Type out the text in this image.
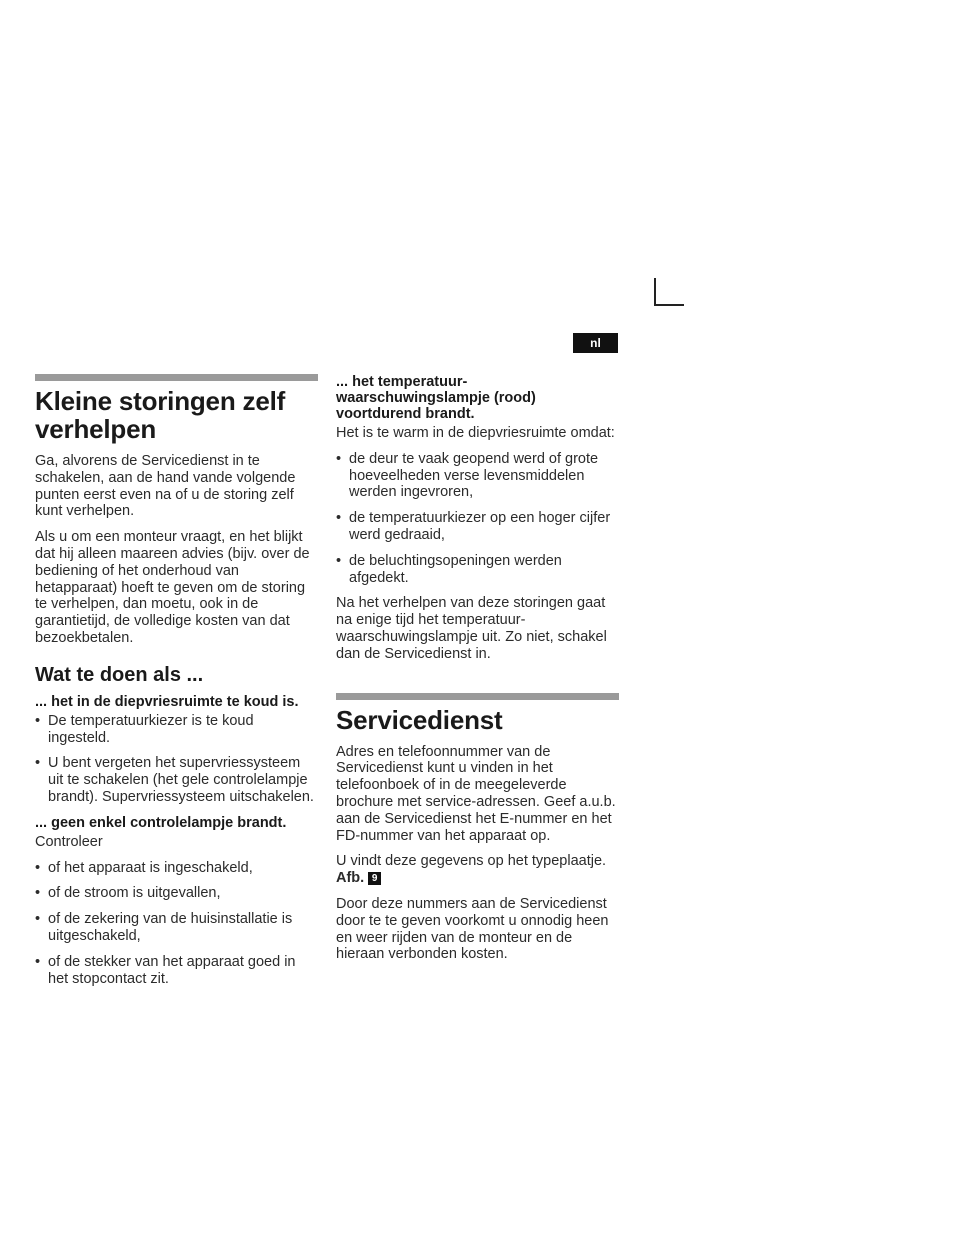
nl
Kleine storingen zelf verhelpen

Ga, alvorens de Servicedienst in te schakelen, aan de hand vande volgende punten eerst even na of u de storing zelf kunt verhelpen.

Als u om een monteur vraagt, en het blijkt dat hij alleen maareen advies (bijv. over de bediening of het onderhoud van hetapparaat) hoeft te geven om de storing te verhelpen, dan moetu, ook in de garantietijd, de volledige kosten van dat bezoekbetalen.

Wat te doen als ...
... het in de diepvriesruimte te koud is.
• De temperatuurkiezer is te koud ingesteld.
• U bent vergeten het supervriessysteem uit te schakelen (het gele controlelampje brandt). Supervriessysteem uitschakelen.
... geen enkel controlelampje brandt.

Controleer

• of het apparaat is ingeschakeld,
• of de stroom is uitgevallen,
• of de zekering van de huisinstallatie is uitgeschakeld,
• of de stekker van het apparaat goed in het stopcontact zit.
... het temperatuur-waarschuwingslampje (rood) voortdurend brandt.

Het is te warm in de diepvriesruimte omdat:

• de deur te vaak geopend werd of grote hoeveelheden verse levensmiddelen werden ingevroren,
• de temperatuurkiezer op een hoger cijfer werd gedraaid,
• de beluchtingsopeningen werden afgedekt.

Na het verhelpen van deze storingen gaat na enige tijd het temperatuur-waarschuwingslampje uit. Zo niet, schakel dan de Servicedienst in.

Servicedienst

Adres en telefoonnummer van de Servicedienst kunt u vinden in het telefoonboek of in de meegeleverde brochure met service-adressen. Geef a.u.b. aan de Servicedienst het E-nummer en het FD-nummer van het apparaat op.

U vindt deze gegevens op het typeplaatje.
Afb. 9

Door deze nummers aan de Servicedienst door te te geven voorkomt u onnodig heen en weer rijden van de monteur en de hieraan verbonden kosten.
